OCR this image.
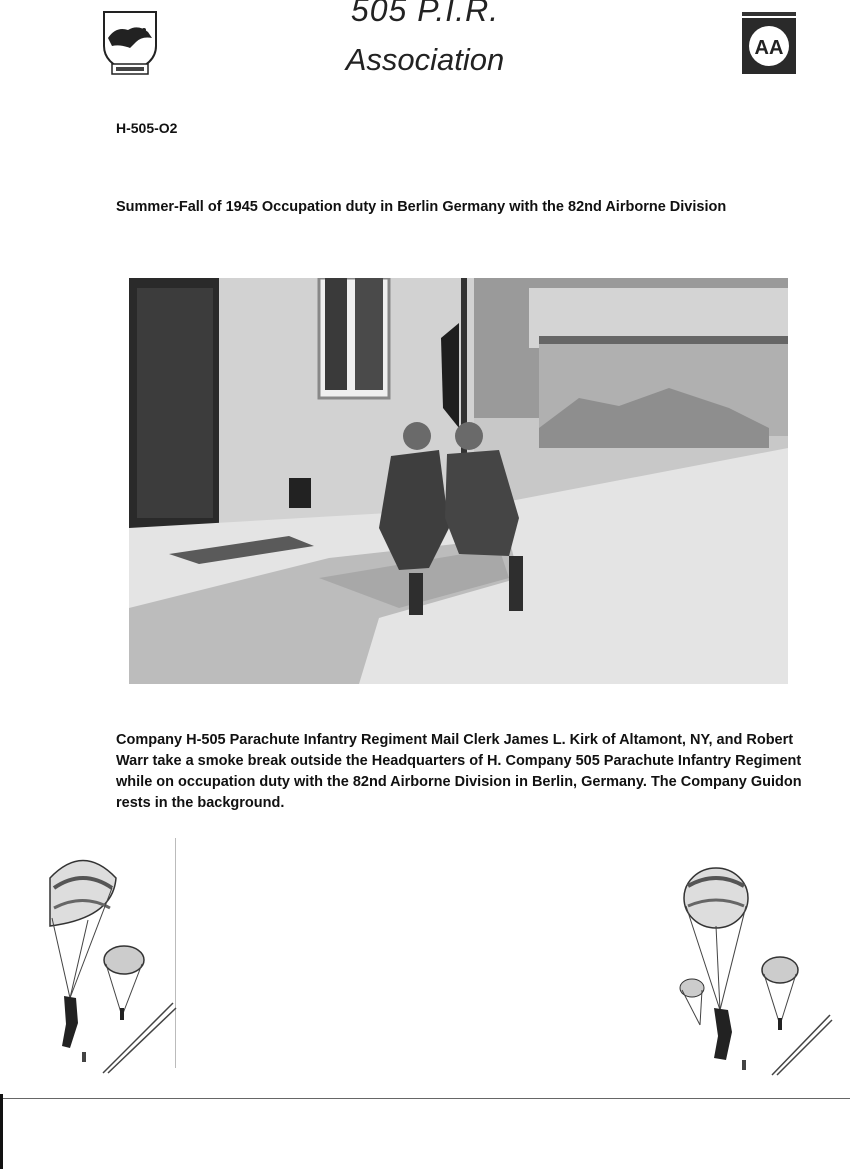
505 P.I.R.
Association	AA
H-505-O2
Summer-Fall of 1945 Occupation duty in Berlin Germany with the 82nd Airborne Division
Company H-505 Parachute Infantry Regiment Mail Clerk James L. Kirk of Altamont, NY, and Robert Warr take a smoke break outside the Headquarters of H. Company 505 Parachute Infantry Regiment while on occupation duty with the 82nd Airborne Division in Berlin, Germany. The Company Guidon rests in the background.
